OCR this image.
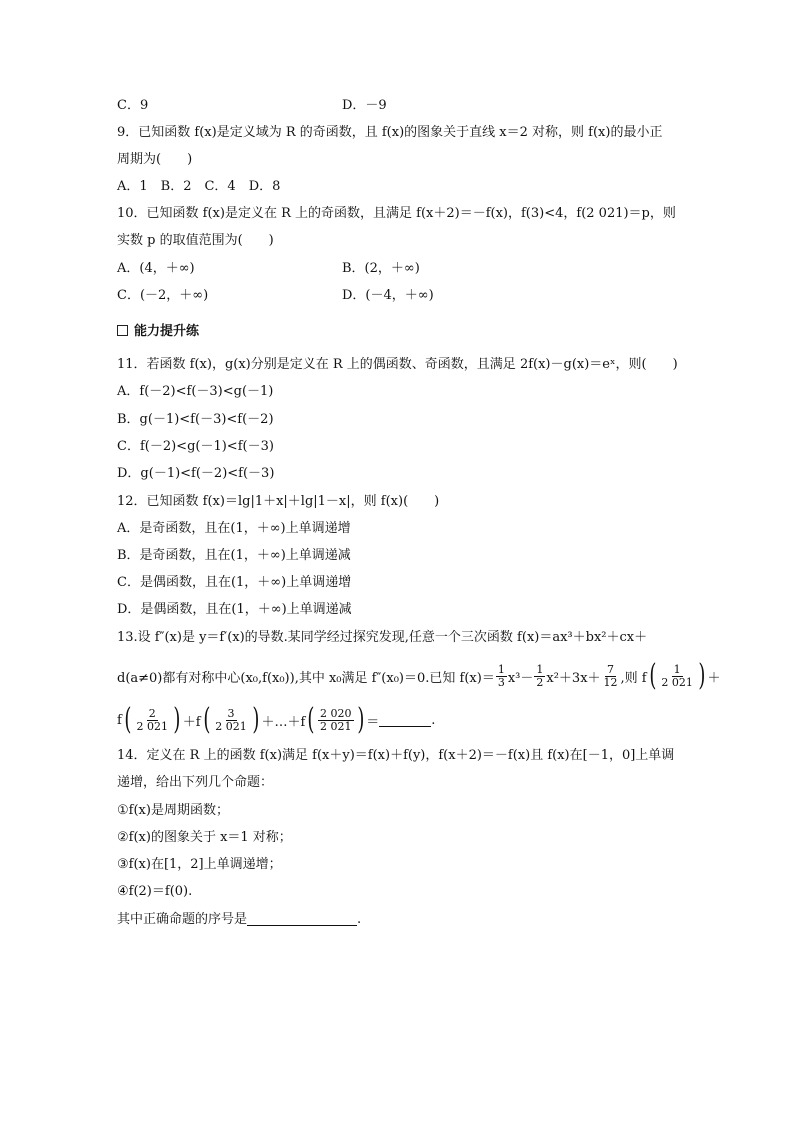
C．9	D．－9
9．已知函数 f(x)是定义域为 R 的奇函数，且 f(x)的图象关于直线 x＝2 对称，则 f(x)的最小正
周期为(　　)
A．1　B．2　C．4　D．8
10．已知函数 f(x)是定义在 R 上的奇函数，且满足 f(x＋2)＝－f(x)，f(3)<4，f(2 021)＝p，则
实数 p 的取值范围为(　　)
A．(4，＋∞)	B．(2，＋∞)
C．(－2，＋∞)	D．(－4，＋∞)
能力提升练
11．若函数 f(x)，g(x)分别是定义在 R 上的偶函数、奇函数，且满足 2f(x)－g(x)＝eˣ，则(　　)
A．f(－2)<f(－3)<g(－1)
B．g(－1)<f(－3)<f(－2)
C．f(－2)<g(－1)<f(－3)
D．g(－1)<f(－2)<f(－3)
12．已知函数 f(x)＝lg|1＋x|＋lg|1－x|，则 f(x)(　　)
A．是奇函数，且在(1，＋∞)上单调递增
B．是奇函数，且在(1，＋∞)上单调递减
C．是偶函数，且在(1，＋∞)上单调递增
D．是偶函数，且在(1，＋∞)上单调递减
13.设 f″(x)是 y＝f′(x)的导数.某同学经过探究发现,任意一个三次函数 f(x)＝ax³＋bx²＋cx＋
d(a≠0)都有对称中心(x₀,f(x₀)),其中 x₀满足 f″(x₀)＝0.已知 $f(x)= \frac{1}{3} x^3- \frac{1}{2} x^2+3x+ \frac{7}{12}$ ,则 f ( $\frac{1}{2 021}$ ) ＋
f ( $\frac{2}{2 021}$ ) ＋f ( $\frac{3}{2 021}$ ) ＋…＋f ( $\frac{2 020}{2 021}$ ) ＝	.
14．定义在 R 上的函数 f(x)满足 f(x＋y)＝f(x)＋f(y)，f(x＋2)＝－f(x)且 f(x)在[－1，0]上单调
递增，给出下列几个命题：
①f(x)是周期函数；
②f(x)的图象关于 x＝1 对称；
③f(x)在[1，2]上单调递增；
④f(2)＝f(0).
其中正确命题的序号是	.
